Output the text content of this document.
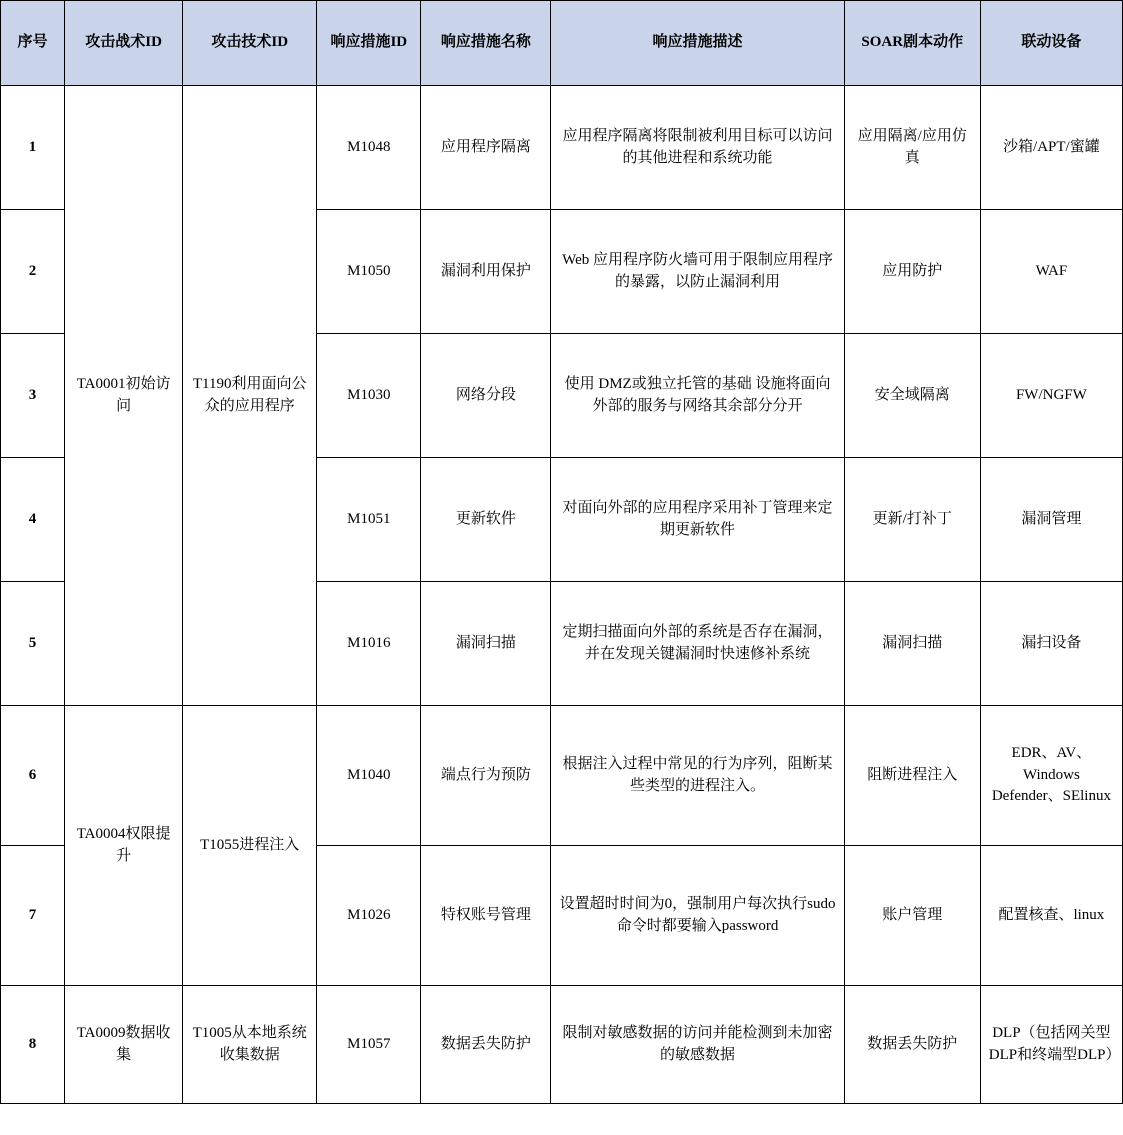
序号	攻击战术ID	攻击技术ID	响应措施ID	响应措施名称	响应措施描述	SOAR剧本动作	联动设备
1	TA0001初始访问	T1190利用面向公众的应用程序	M1048	应用程序隔离	应用程序隔离将限制被利用目标可以访问的其他进程和系统功能	应用隔离/应用仿真	沙箱/APT/蜜罐
2			M1050	漏洞利用保护	Web 应用程序防火墙可用于限制应用程序的暴露，以防止漏洞利用	应用防护	WAF
3			M1030	网络分段	使用 DMZ或独立托管的基础 设施将面向外部的服务与网络其余部分分开	安全域隔离	FW/NGFW
4			M1051	更新软件	对面向外部的应用程序采用补丁管理来定期更新软件	更新/打补丁	漏洞管理
5			M1016	漏洞扫描	定期扫描面向外部的系统是否存在漏洞，并在发现关键漏洞时快速修补系统	漏洞扫描	漏扫设备
6	TA0004权限提升	T1055进程注入	M1040	端点行为预防	根据注入过程中常见的行为序列，阻断某些类型的进程注入。	阻断进程注入	EDR、AV、Windows Defender、SElinux
7			M1026	特权账号管理	设置超时时间为0，强制用户每次执行sudo命令时都要输入password	账户管理	配置核查、linux
8	TA0009数据收集	T1005从本地系统收集数据	M1057	数据丢失防护	限制对敏感数据的访问并能检测到未加密的敏感数据	数据丢失防护	DLP（包括网关型DLP和终端型DLP）
